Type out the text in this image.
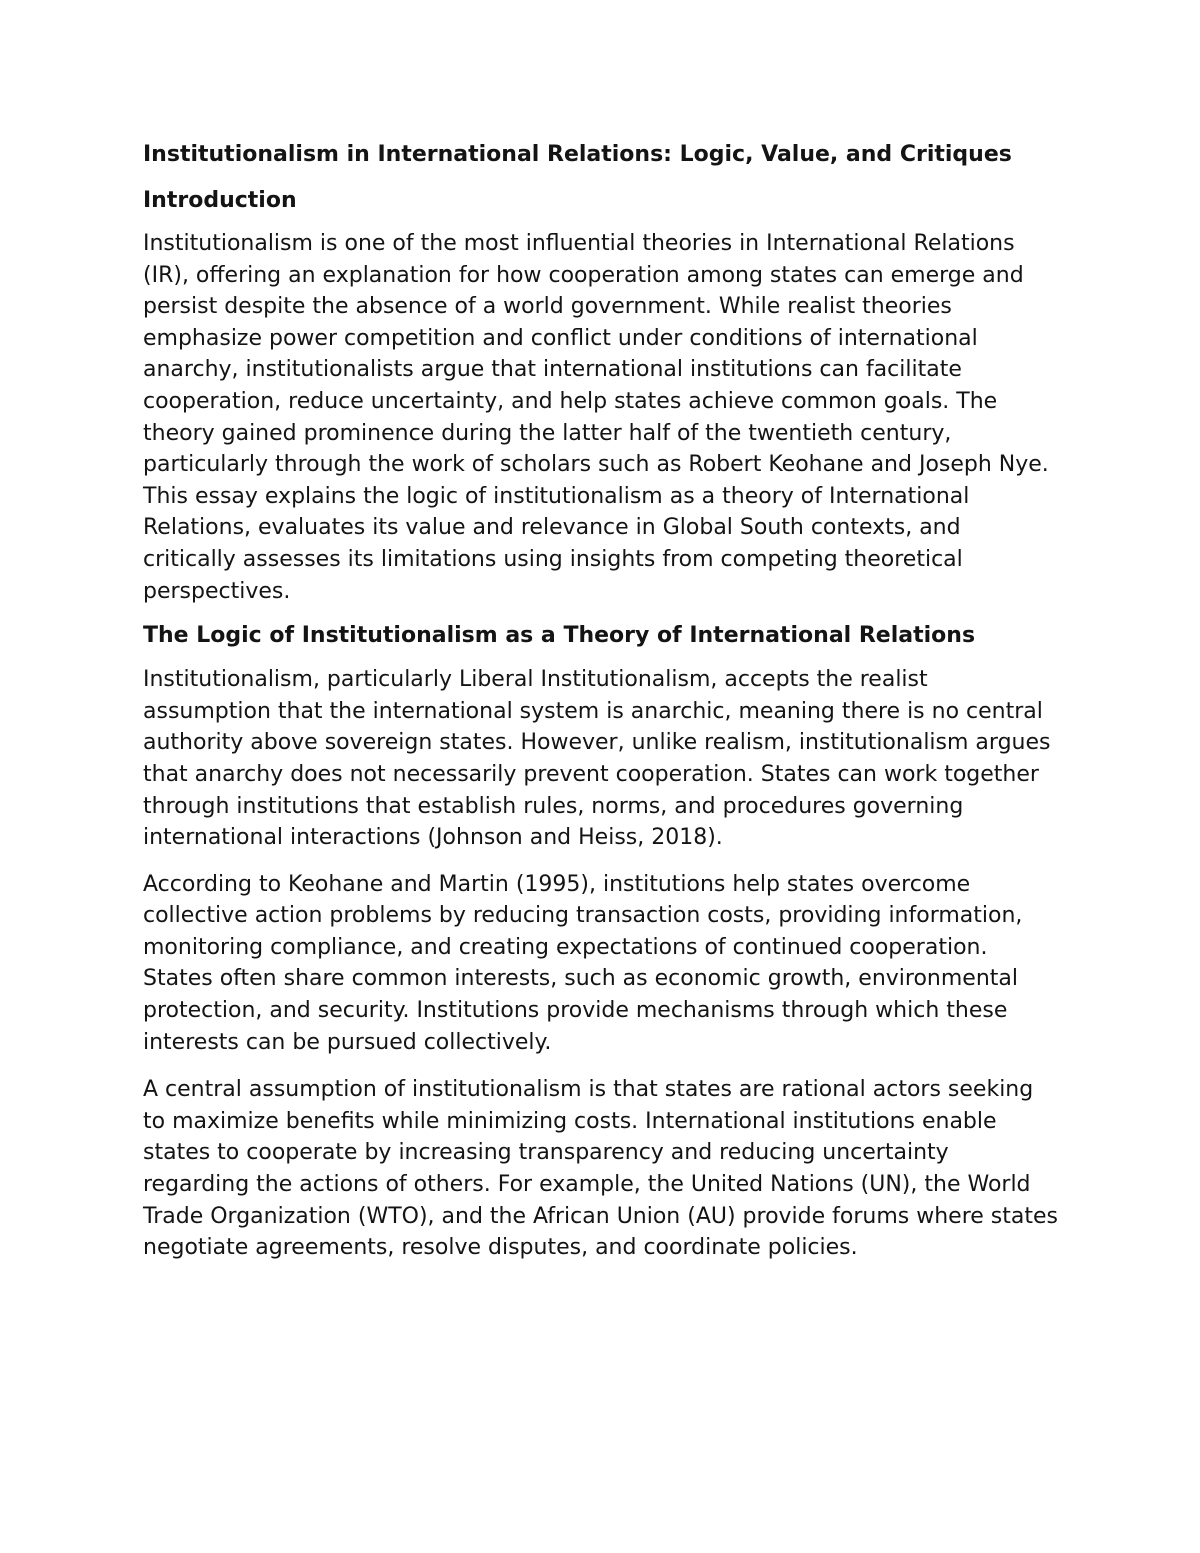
Institutionalism in International Relations: Logic, Value, and Critiques
Introduction

Institutionalism is one of the most influential theories in International Relations (IR), offering an explanation for how cooperation among states can emerge and persist despite the absence of a world government. While realist theories emphasize power competition and conflict under conditions of international anarchy, institutionalists argue that international institutions can facilitate cooperation, reduce uncertainty, and help states achieve common goals. The theory gained prominence during the latter half of the twentieth century, particularly through the work of scholars such as Robert Keohane and Joseph Nye. This essay explains the logic of institutionalism as a theory of International Relations, evaluates its value and relevance in Global South contexts, and critically assesses its limitations using insights from competing theoretical perspectives.

The Logic of Institutionalism as a Theory of International Relations

Institutionalism, particularly Liberal Institutionalism, accepts the realist assumption that the international system is anarchic, meaning there is no central authority above sovereign states. However, unlike realism, institutionalism argues that anarchy does not necessarily prevent cooperation. States can work together through institutions that establish rules, norms, and procedures governing international interactions (Johnson and Heiss, 2018).

According to Keohane and Martin (1995), institutions help states overcome collective action problems by reducing transaction costs, providing information, monitoring compliance, and creating expectations of continued cooperation. States often share common interests, such as economic growth, environmental protection, and security. Institutions provide mechanisms through which these interests can be pursued collectively.

A central assumption of institutionalism is that states are rational actors seeking to maximize benefits while minimizing costs. International institutions enable states to cooperate by increasing transparency and reducing uncertainty regarding the actions of others. For example, the United Nations (UN), the World Trade Organization (WTO), and the African Union (AU) provide forums where states negotiate agreements, resolve disputes, and coordinate policies.
